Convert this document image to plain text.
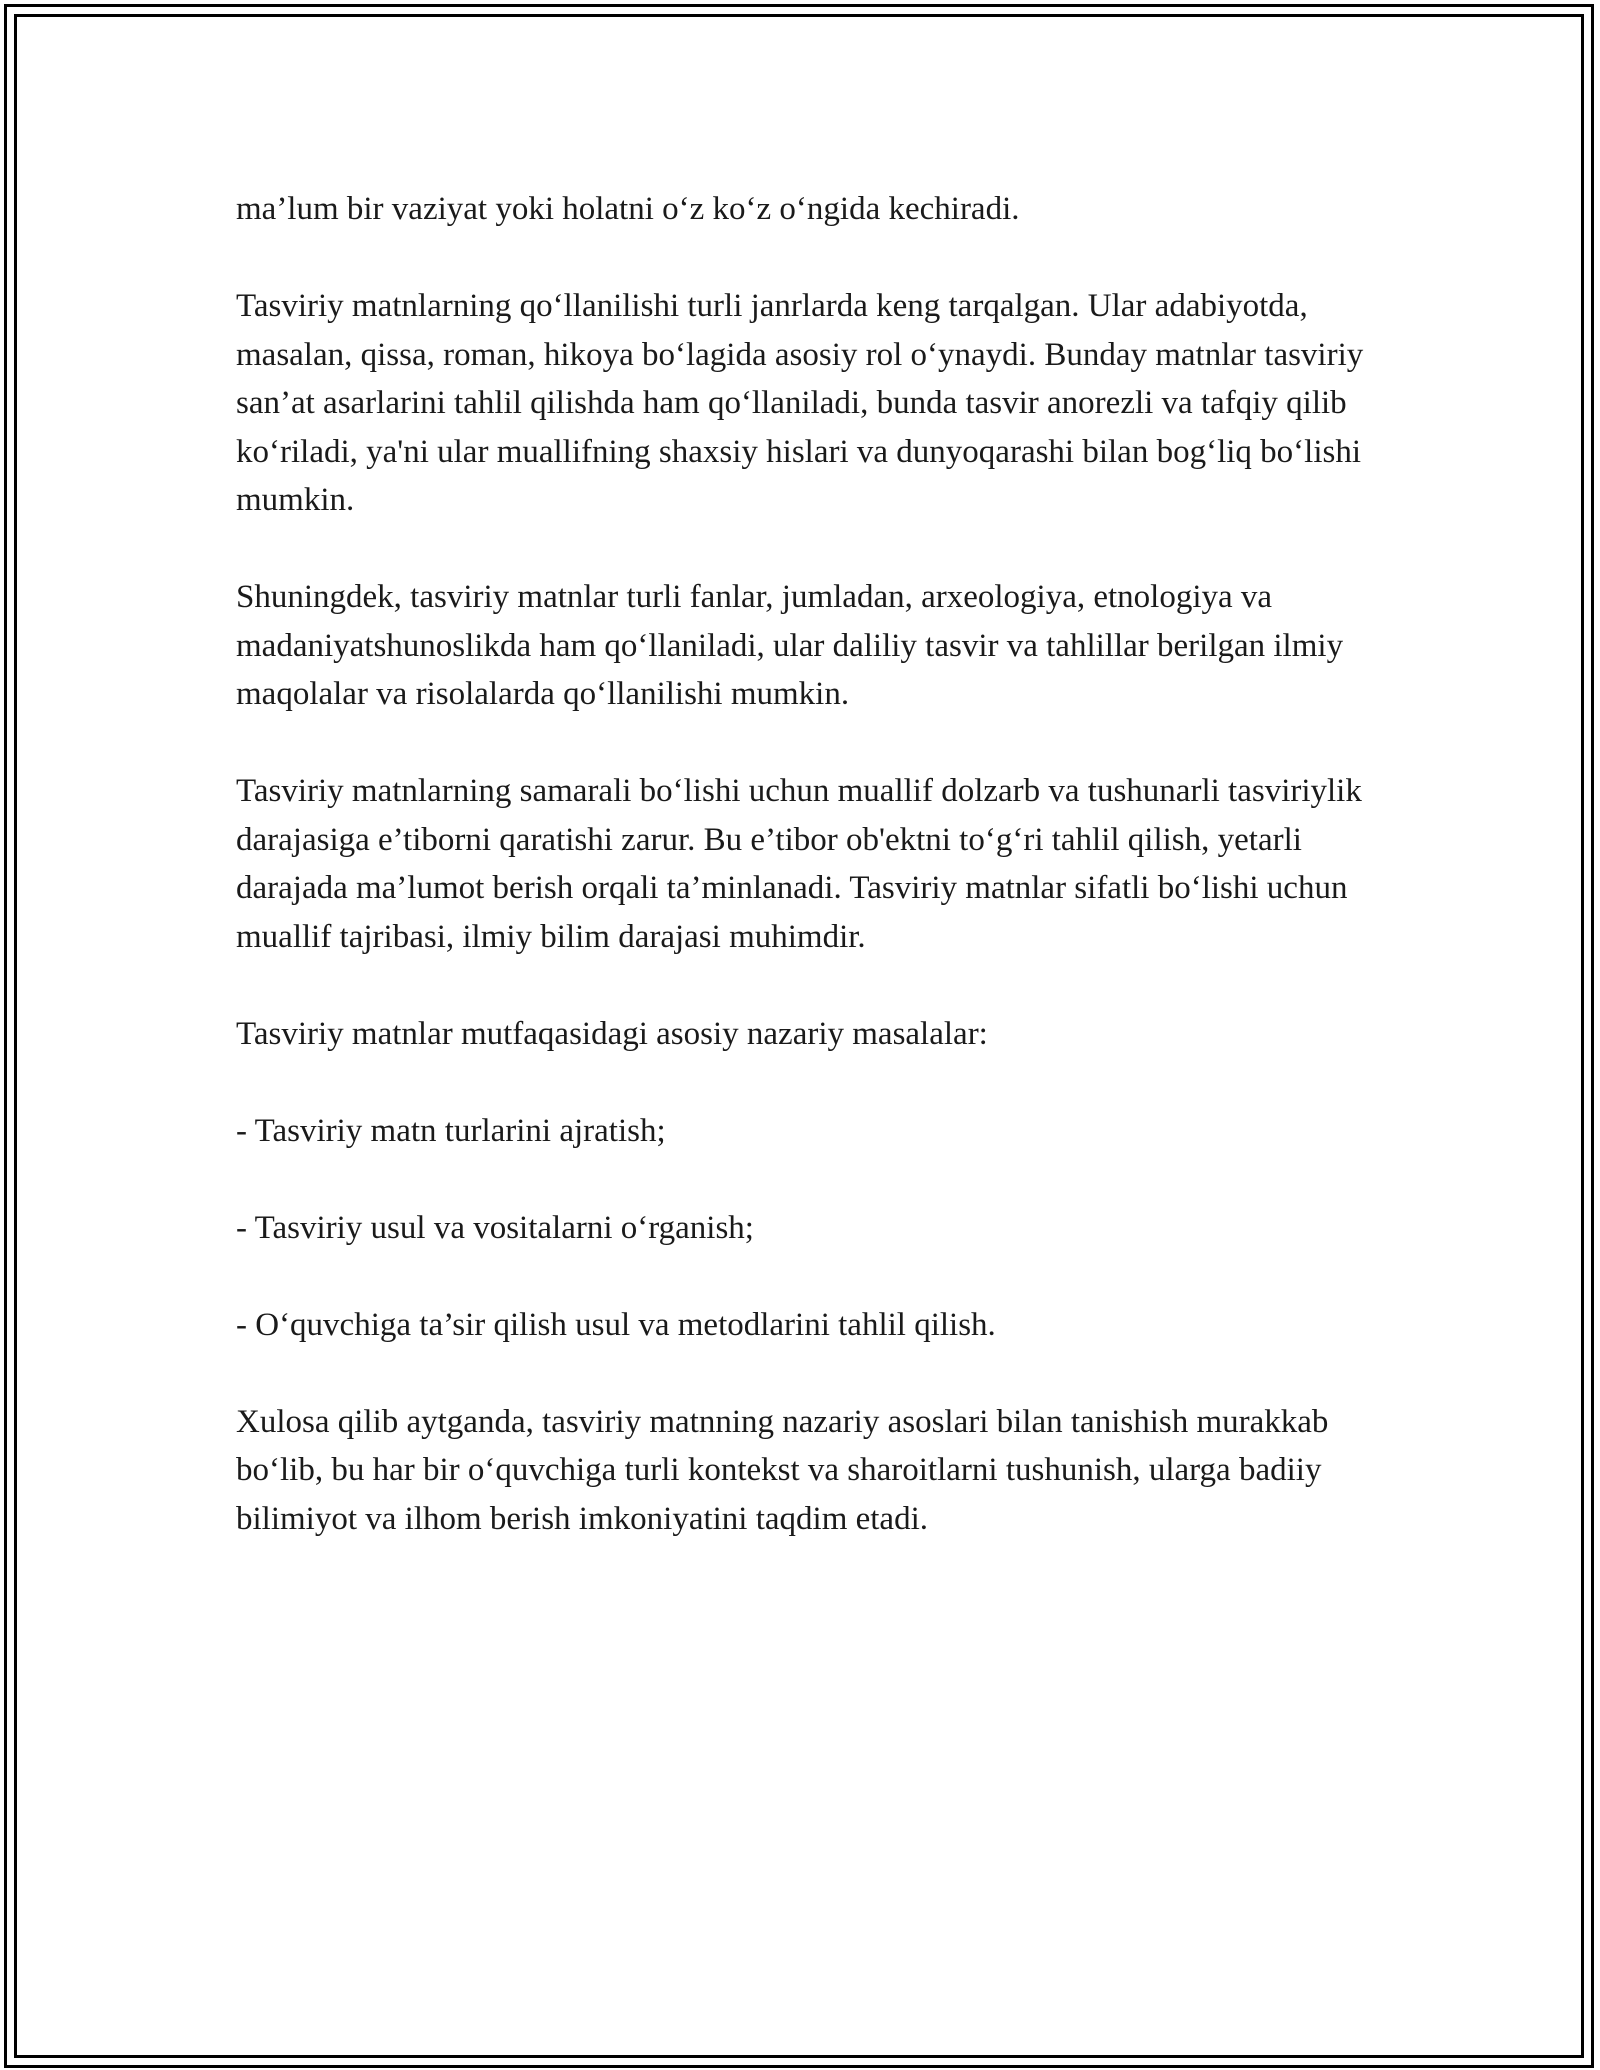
ma’lum bir vaziyat yoki holatni o‘z ko‘z o‘ngida kechiradi.

Tasviriy matnlarning qo‘llanilishi turli janrlarda keng tarqalgan. Ular adabiyotda, masalan, qissa, roman, hikoya bo‘lagida asosiy rol o‘ynaydi. Bunday matnlar tasviriy san’at asarlarini tahlil qilishda ham qo‘llaniladi, bunda tasvir anorezli va tafqiy qilib ko‘riladi, ya'ni ular muallifning shaxsiy hislari va dunyoqarashi bilan bog‘liq bo‘lishi mumkin.

Shuningdek, tasviriy matnlar turli fanlar, jumladan, arxeologiya, etnologiya va madaniyatshunoslikda ham qo‘llaniladi, ular daliliy tasvir va tahlillar berilgan ilmiy maqolalar va risolalarda qo‘llanilishi mumkin.

Tasviriy matnlarning samarali bo‘lishi uchun muallif dolzarb va tushunarli tasviriylik darajasiga e’tiborni qaratishi zarur. Bu e’tibor ob'ektni to‘g‘ri tahlil qilish, yetarli darajada ma’lumot berish orqali ta’minlanadi. Tasviriy matnlar sifatli bo‘lishi uchun muallif tajribasi, ilmiy bilim darajasi muhimdir.

Tasviriy matnlar mutfaqasidagi asosiy nazariy masalalar:

- Tasviriy matn turlarini ajratish;

- Tasviriy usul va vositalarni o‘rganish;

- O‘quvchiga ta’sir qilish usul va metodlarini tahlil qilish.

Xulosa qilib aytganda, tasviriy matnning nazariy asoslari bilan tanishish murakkab bo‘lib, bu har bir o‘quvchiga turli kontekst va sharoitlarni tushunish, ularga badiiy bilimiyot va ilhom berish imkoniyatini taqdim etadi.
